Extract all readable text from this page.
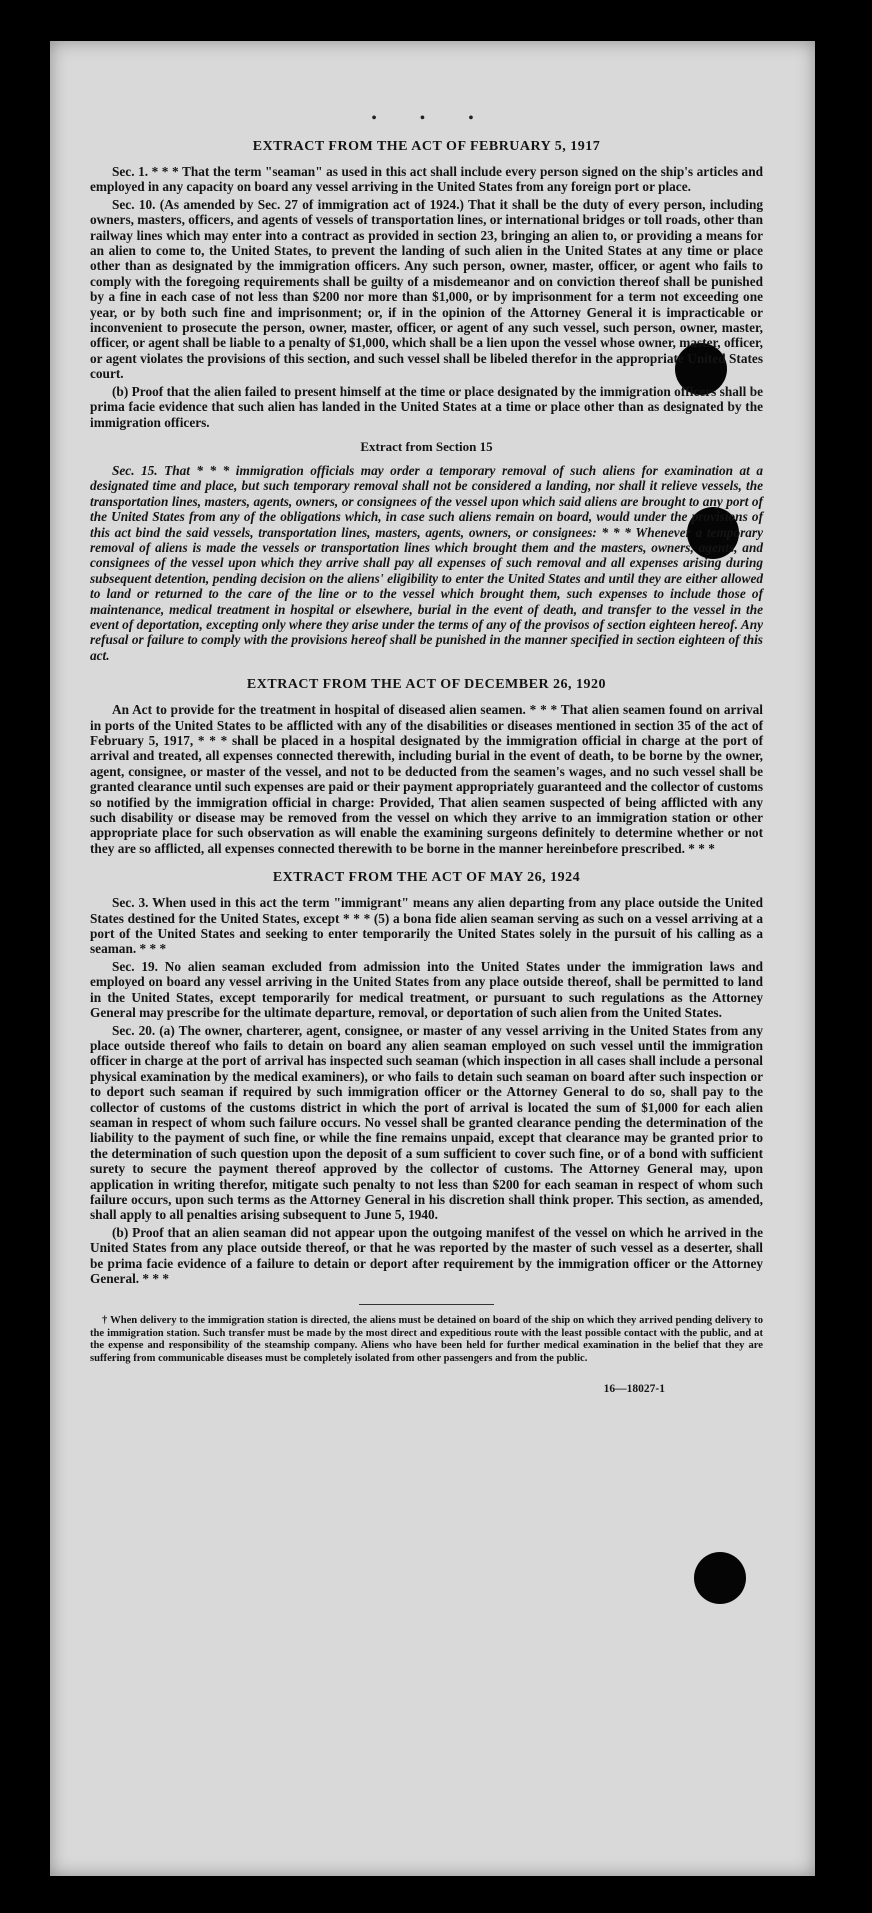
• • •
EXTRACT FROM THE ACT OF FEBRUARY 5, 1917

Sec. 1. * * * That the term "seaman" as used in this act shall include every person signed on the ship's articles and employed in any capacity on board any vessel arriving in the United States from any foreign port or place.

Sec. 10. (As amended by Sec. 27 of immigration act of 1924.) That it shall be the duty of every person, including owners, masters, officers, and agents of vessels of transportation lines, or international bridges or toll roads, other than railway lines which may enter into a contract as provided in section 23, bringing an alien to, or providing a means for an alien to come to, the United States, to prevent the landing of such alien in the United States at any time or place other than as designated by the immigration officers. Any such person, owner, master, officer, or agent who fails to comply with the foregoing requirements shall be guilty of a misdemeanor and on conviction thereof shall be punished by a fine in each case of not less than $200 nor more than $1,000, or by imprisonment for a term not exceeding one year, or by both such fine and imprisonment; or, if in the opinion of the Attorney General it is impracticable or inconvenient to prosecute the person, owner, master, officer, or agent of any such vessel, such person, owner, master, officer, or agent shall be liable to a penalty of $1,000, which shall be a lien upon the vessel whose owner, master, officer, or agent violates the provisions of this section, and such vessel shall be libeled therefor in the appropriate United States court.

(b) Proof that the alien failed to present himself at the time or place designated by the immigration officers shall be prima facie evidence that such alien has landed in the United States at a time or place other than as designated by the immigration officers.

Extract from Section 15

Sec. 15. That * * * immigration officials may order a temporary removal of such aliens for examination at a designated time and place, but such temporary removal shall not be considered a landing, nor shall it relieve vessels, the transportation lines, masters, agents, owners, or consignees of the vessel upon which said aliens are brought to any port of the United States from any of the obligations which, in case such aliens remain on board, would under the provisions of this act bind the said vessels, transportation lines, masters, agents, owners, or consignees: * * * Whenever a temporary removal of aliens is made the vessels or transportation lines which brought them and the masters, owners, agents, and consignees of the vessel upon which they arrive shall pay all expenses of such removal and all expenses arising during subsequent detention, pending decision on the aliens' eligibility to enter the United States and until they are either allowed to land or returned to the care of the line or to the vessel which brought them, such expenses to include those of maintenance, medical treatment in hospital or elsewhere, burial in the event of death, and transfer to the vessel in the event of deportation, excepting only where they arise under the terms of any of the provisos of section eighteen hereof. Any refusal or failure to comply with the provisions hereof shall be punished in the manner specified in section eighteen of this act.

EXTRACT FROM THE ACT OF DECEMBER 26, 1920

An Act to provide for the treatment in hospital of diseased alien seamen. * * * That alien seamen found on arrival in ports of the United States to be afflicted with any of the disabilities or diseases mentioned in section 35 of the act of February 5, 1917, * * * shall be placed in a hospital designated by the immigration official in charge at the port of arrival and treated, all expenses connected therewith, including burial in the event of death, to be borne by the owner, agent, consignee, or master of the vessel, and not to be deducted from the seamen's wages, and no such vessel shall be granted clearance until such expenses are paid or their payment appropriately guaranteed and the collector of customs so notified by the immigration official in charge: Provided, That alien seamen suspected of being afflicted with any such disability or disease may be removed from the vessel on which they arrive to an immigration station or other appropriate place for such observation as will enable the examining surgeons definitely to determine whether or not they are so afflicted, all expenses connected therewith to be borne in the manner hereinbefore prescribed. * * *

EXTRACT FROM THE ACT OF MAY 26, 1924

Sec. 3. When used in this act the term "immigrant" means any alien departing from any place outside the United States destined for the United States, except * * * (5) a bona fide alien seaman serving as such on a vessel arriving at a port of the United States and seeking to enter temporarily the United States solely in the pursuit of his calling as a seaman. * * *

Sec. 19. No alien seaman excluded from admission into the United States under the immigration laws and employed on board any vessel arriving in the United States from any place outside thereof, shall be permitted to land in the United States, except temporarily for medical treatment, or pursuant to such regulations as the Attorney General may prescribe for the ultimate departure, removal, or deportation of such alien from the United States.

Sec. 20. (a) The owner, charterer, agent, consignee, or master of any vessel arriving in the United States from any place outside thereof who fails to detain on board any alien seaman employed on such vessel until the immigration officer in charge at the port of arrival has inspected such seaman (which inspection in all cases shall include a personal physical examination by the medical examiners), or who fails to detain such seaman on board after such inspection or to deport such seaman if required by such immigration officer or the Attorney General to do so, shall pay to the collector of customs of the customs district in which the port of arrival is located the sum of $1,000 for each alien seaman in respect of whom such failure occurs. No vessel shall be granted clearance pending the determination of the liability to the payment of such fine, or while the fine remains unpaid, except that clearance may be granted prior to the determination of such question upon the deposit of a sum sufficient to cover such fine, or of a bond with sufficient surety to secure the payment thereof approved by the collector of customs. The Attorney General may, upon application in writing therefor, mitigate such penalty to not less than $200 for each seaman in respect of whom such failure occurs, upon such terms as the Attorney General in his discretion shall think proper. This section, as amended, shall apply to all penalties arising subsequent to June 5, 1940.

(b) Proof that an alien seaman did not appear upon the outgoing manifest of the vessel on which he arrived in the United States from any place outside thereof, or that he was reported by the master of such vessel as a deserter, shall be prima facie evidence of a failure to detain or deport after requirement by the immigration officer or the Attorney General. * * *

† When delivery to the immigration station is directed, the aliens must be detained on board of the ship on which they arrived pending delivery to the immigration station. Such transfer must be made by the most direct and expeditious route with the least possible contact with the public, and at the expense and responsibility of the steamship company. Aliens who have been held for further medical examination in the belief that they are suffering from communicable diseases must be completely isolated from other passengers and from the public.

16—18027-1
